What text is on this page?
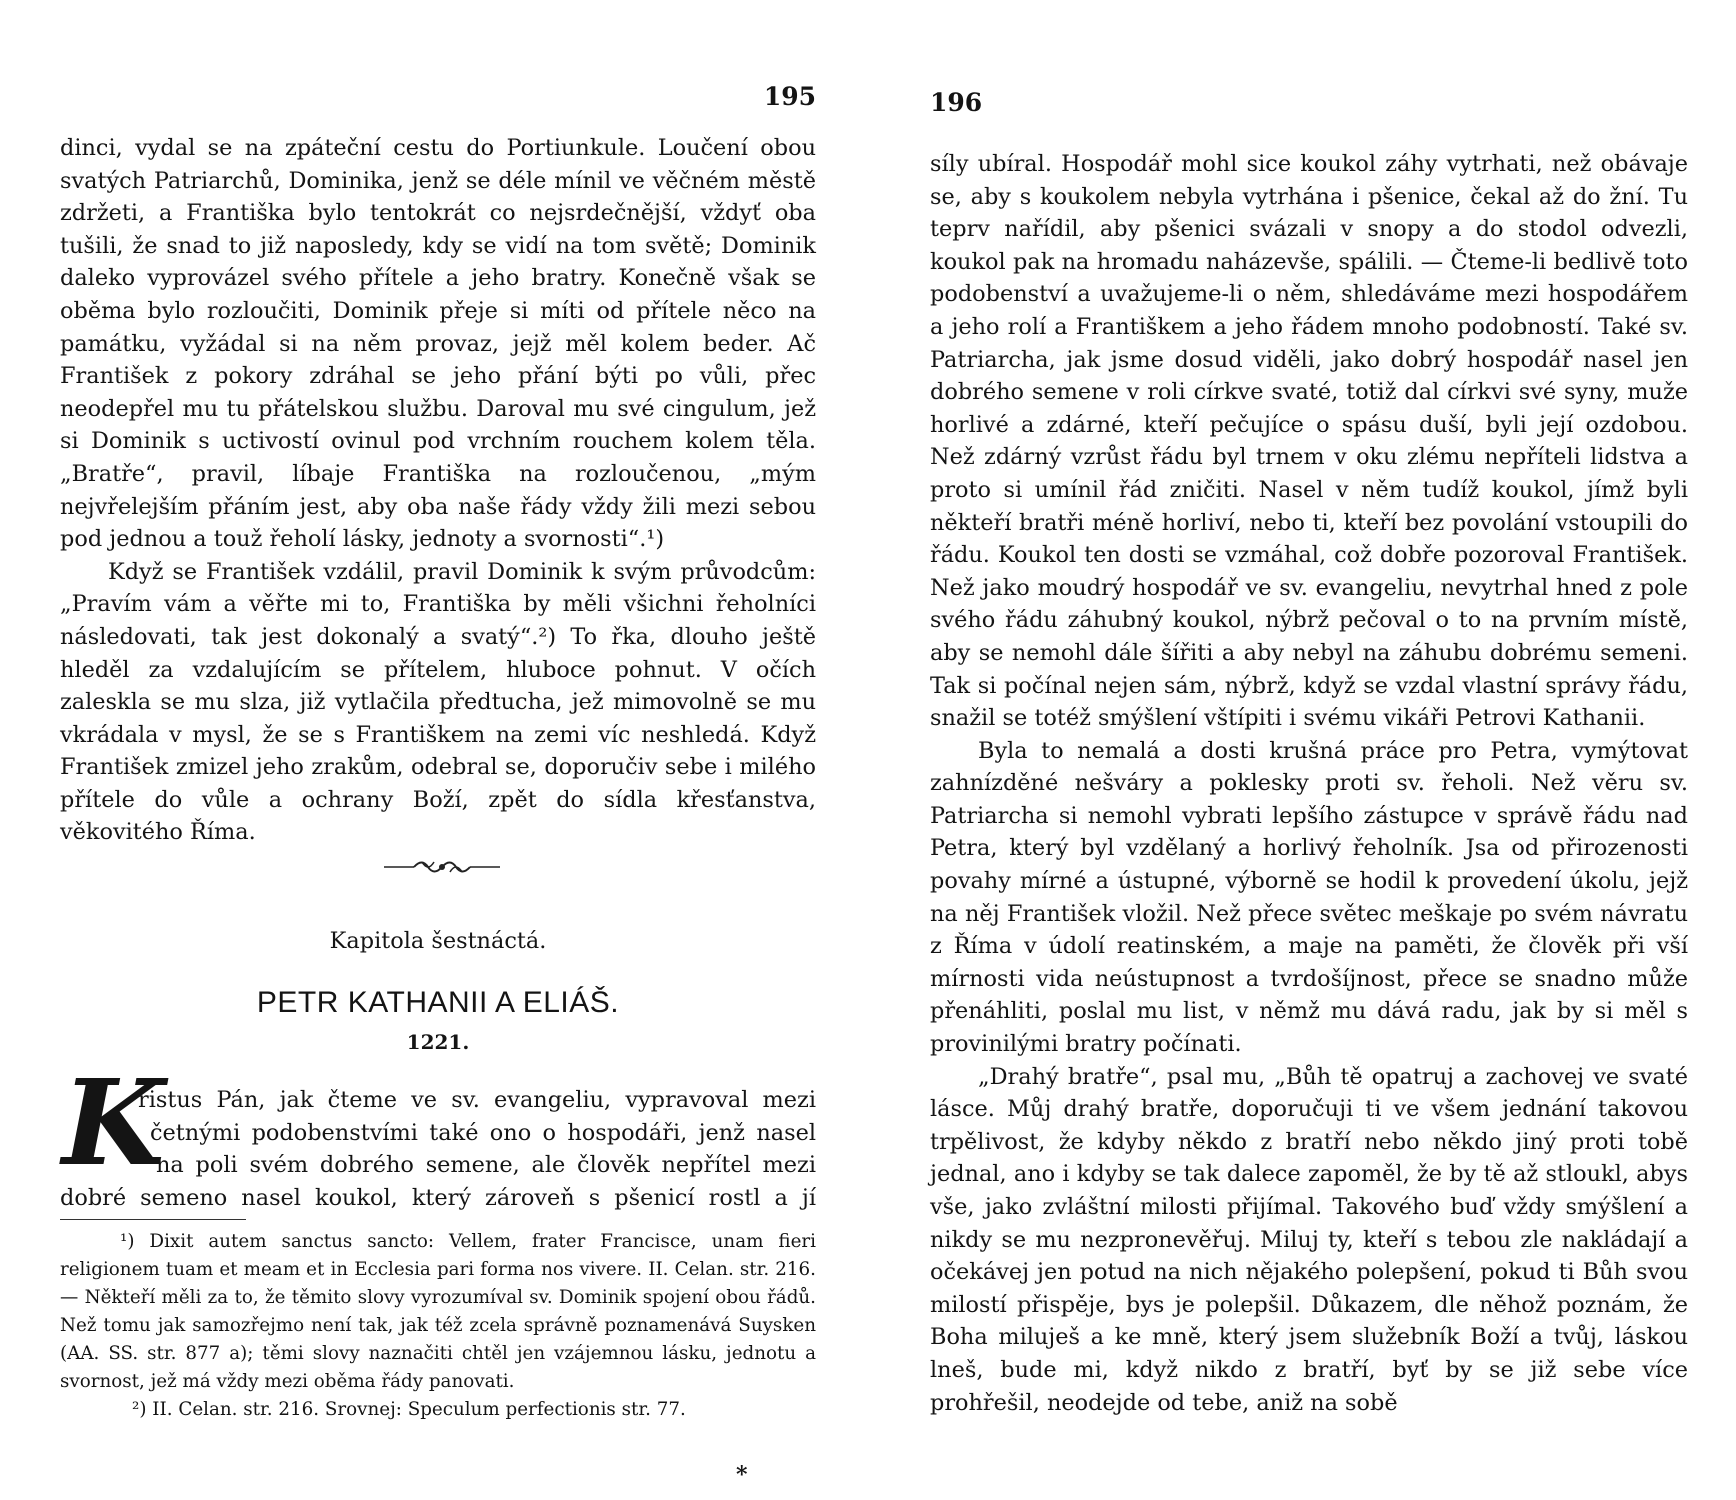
195

dinci, vydal se na zpáteční cestu do Portiunkule. Loučení obou svatých Patriarchů, Dominika, jenž se déle mínil ve věčném městě zdržeti, a Františka bylo tentokrát co nejsrdečnější, vždyť oba tušili, že snad to již naposledy, kdy se vidí na tom světě; Dominik daleko vyprovázel svého přítele a jeho bratry. Konečně však se oběma bylo rozloučiti, Dominik přeje si míti od přítele něco na památku, vyžádal si na něm provaz, jejž měl kolem beder. Ač František z pokory zdráhal se jeho přání býti po vůli, přec neodepřel mu tu přátelskou službu. Daroval mu své cingulum, jež si Dominik s uctivostí ovinul pod vrchním rouchem kolem těla. „Bratře“, pravil, líbaje Františka na rozloučenou, „mým nejvřelejším přáním jest, aby oba naše řády vždy žili mezi sebou pod jednou a touž řeholí lásky, jednoty a svornosti“.¹)

Když se František vzdálil, pravil Dominik k svým průvodcům: „Pravím vám a věřte mi to, Františka by měli všichni řeholníci následovati, tak jest dokonalý a svatý“.²) To řka, dlouho ještě hleděl za vzdalujícím se přítelem, hluboce pohnut. V očích zaleskla se mu slza, již vytlačila předtucha, jež mimovolně se mu vkrádala v mysl, že se s Františkem na zemi víc neshledá. Když František zmizel jeho zrakům, odebral se, doporučiv sebe i milého přítele do vůle a ochrany Boží, zpět do sídla křesťanstva, věkovitého Říma.

Kapitola šestnáctá.
PETR KATHANII A ELIÁŠ.
1221.
K
ristus Pán, jak čteme ve sv. evangeliu, vypravoval mezi
četnými podobenstvími také ono o hospodáři, jenž nasel
na poli svém dobrého semene, ale člověk nepřítel mezi
dobré semeno nasel koukol, který zároveň s pšenicí rostl a jí

¹) Dixit autem sanctus sancto: Vellem, frater Francisce, unam fieri religionem tuam et meam et in Ecclesia pari forma nos vivere. II. Celan. str. 216. — Někteří měli za to, že těmito slovy vyrozumíval sv. Dominik spojení obou řádů. Než tomu jak samozřejmo není tak, jak též zcela správně poznamenává Suysken (AA. SS. str. 877 a); těmi slovy naznačiti chtěl jen vzájemnou lásku, jednotu a svornost, jež má vždy mezi oběma řády panovati.

²) II. Celan. str. 216. Srovnej: Speculum perfectionis str. 77.

*
196

síly ubíral. Hospodář mohl sice koukol záhy vytrhati, než obávaje se, aby s koukolem nebyla vytrhána i pšenice, čekal až do žní. Tu teprv nařídil, aby pšenici svázali v snopy a do stodol odvezli, koukol pak na hromadu naházevše, spálili. — Čteme-li bedlivě toto podobenství a uvažujeme-li o něm, shledáváme mezi hospodářem a jeho rolí a Františkem a jeho řádem mnoho podobností. Také sv. Patriarcha, jak jsme dosud viděli, jako dobrý hospodář nasel jen dobrého semene v roli církve svaté, totiž dal církvi své syny, muže horlivé a zdárné, kteří pečujíce o spásu duší, byli její ozdobou. Než zdárný vzrůst řádu byl trnem v oku zlému nepříteli lidstva a proto si umínil řád zničiti. Nasel v něm tudíž koukol, jímž byli někteří bratři méně horliví, nebo ti, kteří bez povolání vstoupili do řádu. Koukol ten dosti se vzmáhal, což dobře pozoroval František. Než jako moudrý hospodář ve sv. evangeliu, nevytrhal hned z pole svého řádu záhubný koukol, nýbrž pečoval o to na prvním místě, aby se nemohl dále šířiti a aby nebyl na záhubu dobrému semeni. Tak si počínal nejen sám, nýbrž, když se vzdal vlastní správy řádu, snažil se totéž smýšlení vštípiti i svému vikáři Petrovi Kathanii.

Byla to nemalá a dosti krušná práce pro Petra, vymýtovat zahnízděné nešváry a poklesky proti sv. řeholi. Než věru sv. Patriarcha si nemohl vybrati lepšího zástupce v správě řádu nad Petra, který byl vzdělaný a horlivý řeholník. Jsa od přirozenosti povahy mírné a ústupné, výborně se hodil k provedení úkolu, jejž na něj František vložil. Než přece světec meškaje po svém návratu z Říma v údolí reatinském, a maje na paměti, že člověk při vší mírnosti vida neústupnost a tvrdošíjnost, přece se snadno může přenáhliti, poslal mu list, v němž mu dává radu, jak by si měl s provinilými bratry počínati.

„Drahý bratře“, psal mu, „Bůh tě opatruj a zachovej ve svaté lásce. Můj drahý bratře, doporučuji ti ve všem jednání takovou trpělivost, že kdyby někdo z bratří nebo někdo jiný proti tobě jednal, ano i kdyby se tak dalece zapoměl, že by tě až stloukl, abys vše, jako zvláštní milosti přijímal. Takového buď vždy smýšlení a nikdy se mu nezpronevěřuj. Miluj ty, kteří s tebou zle nakládají a očekávej jen potud na nich nějakého polepšení, pokud ti Bůh svou milostí přispěje, bys je polepšil. Důkazem, dle něhož poznám, že Boha miluješ a ke mně, který jsem služebník Boží a tvůj, láskou lneš, bude mi, když nikdo z bratří, byť by se již sebe více prohřešil, neodejde od tebe, aniž na sobě
